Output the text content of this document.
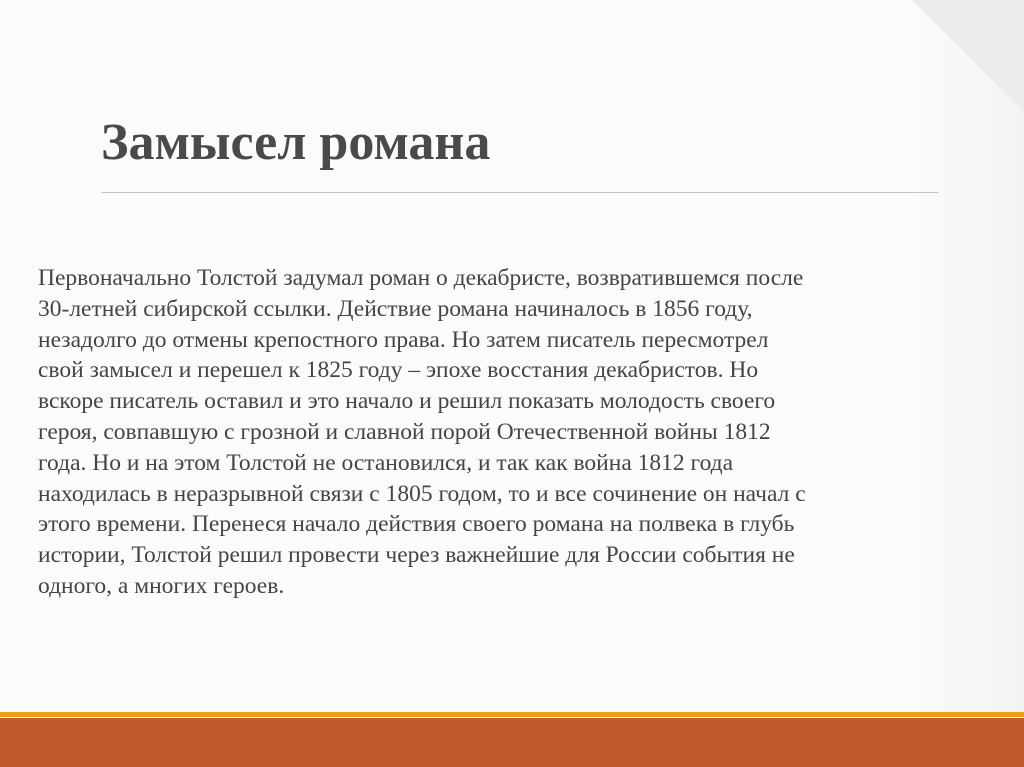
Замысел романа

Первоначально Толстой задумал роман о декабристе, возвратившемся после
30-летней сибирской ссылки. Действие романа начиналось в 1856 году,
незадолго до отмены крепостного права. Но затем писатель пересмотрел
свой замысел и перешел к 1825 году – эпохе восстания декабристов. Но
вскоре писатель оставил и это начало и решил показать молодость своего
героя, совпавшую с грозной и славной порой Отечественной войны 1812
года. Но и на этом Толстой не остановился, и так как война 1812 года
находилась в неразрывной связи с 1805 годом, то и все сочинение он начал с
этого времени. Перенеся начало действия своего романа на полвека в глубь
истории, Толстой решил провести через важнейшие для России события не
одного, а многих героев.
